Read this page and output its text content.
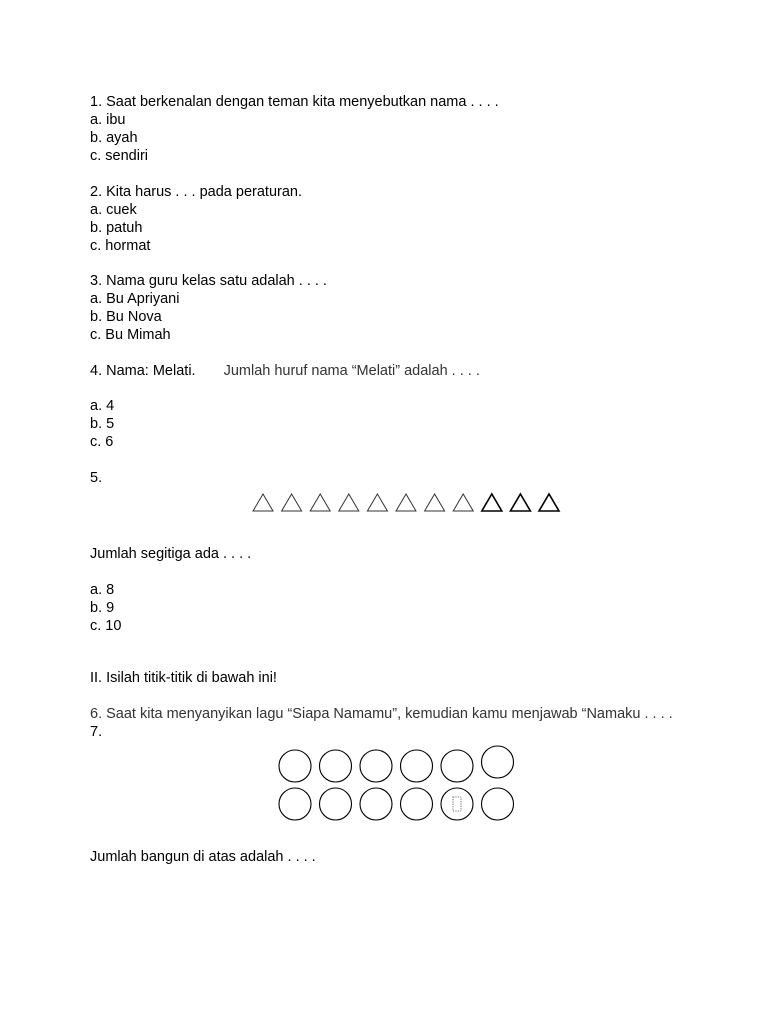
1. Saat berkenalan dengan teman kita menyebutkan nama . . . .
a. ibu
b. ayah
c. sendiri
2. Kita harus . . . pada peraturan.
a. cuek
b. patuh
c. hormat
3. Nama guru kelas satu adalah . . . .
a. Bu Apriyani
b. Bu Nova
c. Bu Mimah
4. Nama: Melati. Jumlah huruf nama “Melati” adalah . . . .
a. 4
b. 5
c. 6
5.
Jumlah segitiga ada . . . .
a. 8
b. 9
c. 10
II. Isilah titik-titik di bawah ini!
6. Saat kita menyanyikan lagu “Siapa Namamu”, kemudian kamu menjawab “Namaku . . . .
7.
Jumlah bangun di atas adalah . . . .
